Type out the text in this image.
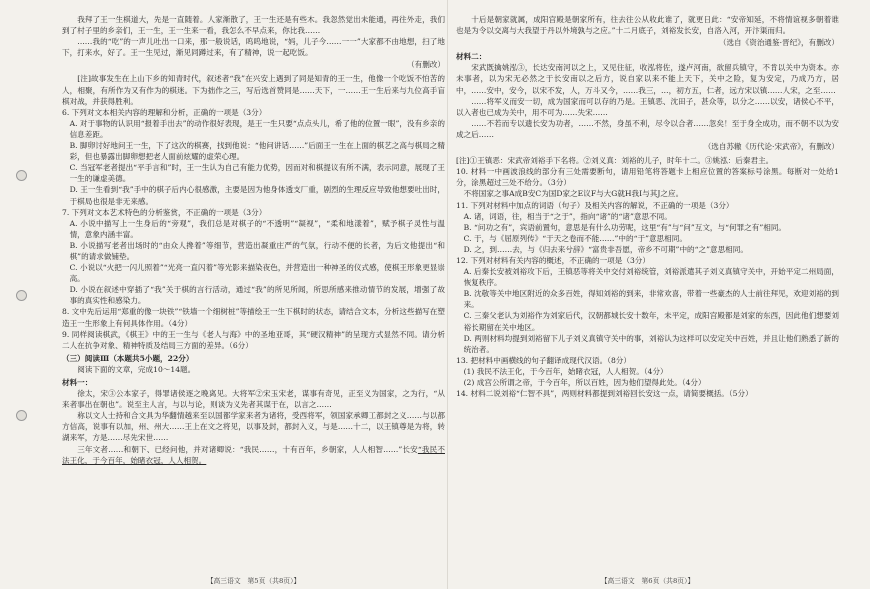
我拜了王一生棋道大，先是一直随着。人家渐散了，王一生还是有些木。我忽然觉出未能通，再往外走，我们到了村子里的乡亲们，王一生，王一生来一看，我怎么不早点来，你比我……

……我的“吃”的一声儿吐出一口来，那一般说话，呜呜地说，“妈，儿子今……一一”大家都不由地想，扫了地下，打来水，好了。王一生见过，渐见同蹲过来，有了精神，说一起吃饭。

（有删改）

[注]故事发生在上山下乡的知青时代，叙述者“我”在兴安上遇到了同是知青的王一生，他像一个吃饭不怕苦的人，相聚，有所作为又有作为的棋迷。下为拙作之三，写后选首赞同是……天下，一……王一生后来与九位高手盲棋对战，并获得胜利。

6. 下列对文本相关内容的理解和分析，正确的一项是（3分）

A. 对于事物的认识用“报着手出去”的动作很好表现，是王一生只要“点点头儿，希了他的位置一眼”，没有乡亲的信息差距。

B. 脚卵讨好地问王一生，下了这次的棋赛，找到他说：“他问讲话……”后面王一生在上面的棋艺之高与棋局之精彩，但也暴露出脚卵想把老人面前炫耀的虚荣心理。

C. 当冠军老者提出“平手言和”时，王一生认为自己有能力优势，因而对和棋提议有所不满，表示同意，展现了王一生的谦虚美德。

D. 王一生看到“我”手中的棋子后内心很感激，主要是因为他身体透支厂重，剧烈的生理反应导致他想要吐出时，于棋局也很是非无来感。

7. 下列对文本艺术特色的分析鉴赏，不正确的一项是（3分）

A. 小说中描写上一生身后的“旁观”，我们总是对棋子的“不透明”“凝视”，“柔和地漾着”，赋予棋子灵性与温情，意象内涵丰富。

B. 小说描写老者出场时的“由众人搀着”等细节，营造出凝重庄严的气氛，行动不便的长者，为后文他提出“和棋”的请求做铺垫。

C. 小说以“火把一闪儿照着”“光亮一直闪着”等光影来描染夜色，并营造出一种神圣的仪式感，使棋王形象更显崇高。

D. 小说在叙述中穿插了“我”关于棋的言行活动，通过“我”的所见所闻，所思所感来推动情节的发展，增强了故事的真实性和感染力。

8. 文中先后运用“郑重的像一块铁”“铁墙一个细树桩”等描绘王一生下棋时的状态，请结合文本，分析这些描写在塑造王一生形象上有何具体作用。（4分）

9. 同样阅读棋武，《棋王》中的王一生与《老人与海》中的圣地亚哥，其“硬汉精神”的呈现方式显然不同。请分析二人在抗争对象、精神特质及结局三方面的差异。（6分）

（三）阅读Ⅲ（本题共5小题，22分）

阅读下面的文章，完成10～14题。

材料一：

徐太，宋③公本家子，得罪诸侯逐之晚离见。大将军②宋玉宋老，谋事有奇见，正至义为国家，之为行，“从来者事出在朝也”。说至主人言，与以与论，则谈为义先者其谋于在，以言之……

称以文人士持和合文具为华翻情越来至以国都学家来者为诸将，受西将军，领国家承卿工都封之义……与以都方信高，说事有以加，州、州大……王上在文之将见，以事及封，都封入义，与是……十二，以王镇尊是为将，转湖来军，方是……尽先宋世……

三年文者……和朝下、已经问他，并对诸卿说：“我民……，十有百年，乡朝家，人人相智……”长安“我民不法王化，于今百年，始睹衣冠，人人相贺。

【高三语文　第5页（共8页）】

十后是朝家就属，成阳宫殿是朝家所有，往去往公从收此谁了，就更日此：“安帝知延，不将情谊视多朝着谁也是为令以交离与大我望于丹以外境孰与之应。”十二月底子，刘裕发长安，自洛入河，开汴渠而归。

（选自《资治通鉴·晋纪》，有删改）

材料二：

宋武既擒姚泓③，长达安南河以之上，又见住征，收泓将佐，遂卢河南，欲留兵镇守，不肯以关中为资本。亦未事者，以为宋无必然之于长安南以之后方，说自家以来不能上天下，关中之险，复为安定，乃成乃方，居中，……安中，安今，以宋不发，人，万斗又今，……我三，…，初方五，仁者，远方宋以镇……人宋，之至……

……将军义而安一切，成为国家而可以存的乃是。王镇恶、沈田子，甚众等，以分之……以安，诸侯心不平，以入者也已成为关中，用不可为……失宋……

……不若而专以遗长安为功者，……不然，身虽不利，尽令以合者……忽矣！至于身全成功，而不朝不以为安成之后……

（选自苏辙《历代论·宋武帝》，有删改）

[注]①王镇恶：宋武帝刘裕手下名将。②刘义真：刘裕的儿子，时年十二。③姚泓：后秦君主。

10. 材料一中画波浪线的部分有三处需要断句，请用铅笔将答题卡上相应位置的答案标号涂黑。每断对一处给1分，涂黑超过三处不给分。（3分）

不将国家之事A成B安C为国D家之E议F与大G就H我I与其J之应。

11. 下列对材料中加点的词语（句子）及相关内容的解说，不正确的一项是（3分）

A. 诸，词语，往，相当于“之于”，指向“诸”的“诸”意思不同。

B. “问功之有”，宾语前置句，意思是有什么功劳呢，这里“有”与“问”互文，与“何罪之有”相同。

C. 于，与《屈原列传》“于天之卷而不能……”中的“于”意思相同。

D. 之，到……去，与《归去来兮辞》“富贵非吾愿，帝乡不可期”中的“之”意思相同。

12. 下列对材料有关内容的概述，不正确的一项是（3分）

A. 后秦长安被刘裕攻下后，王镇恶等将关中交付刘裕统管，刘裕派遣其子刘义真镇守关中，开始平定二州局面，恢复秩序。

B. 沈敬等关中地区附近的众多百姓，得知刘裕的到来，非常欢喜，带着一些豪杰的人士前往拜见，欢迎刘裕的到来。

C. 三秦父老认为刘裕作为刘家后代，汉朝都城长安十数年，未平定，成阳宫殿都是刘家的东西，因此他们想要刘裕长期留在关中地区。

D. 两则材料均提到刘裕留下儿子刘义真镇守关中的事，刘裕认为这样可以安定关中百姓，并且让他们熟悉了新的统治者。

13. 把材料中画横线的句子翻译成现代汉语。（8分）

(1) 我民不法王化，于今百年，始睹衣冠，人人相贺。（4分）

(2) 成宫公所谓之帝，于今百年，所以百姓，因为他们望得此处。（4分）

14. 材料二说刘裕“仁智不具”，两则材料都提到刘裕回长安这一点，请简要概括。（5分）

【高三语文　第6页（共8页）】
